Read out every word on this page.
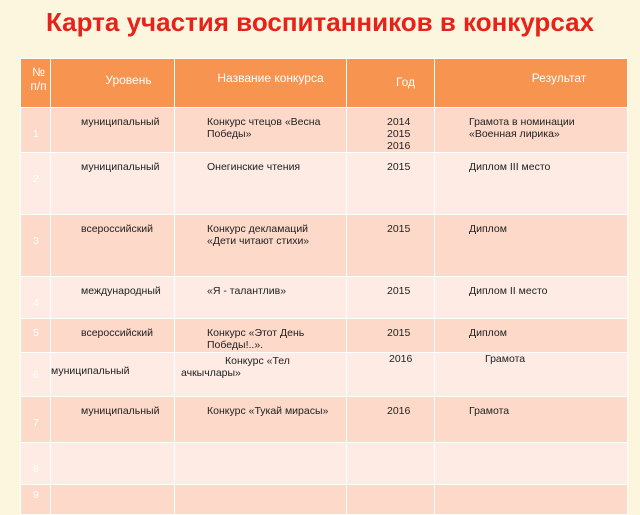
Карта участия воспитанников в конкурсах
№ п/п	Уровень	Название конкурса	Год	Результат

1	муниципальный	Конкурс чтецов «Весна Победы»	2014 2015 2016	Грамота в номинации «Военная лирика»

2	муниципальный	Онегинские чтения	2015	Диплом III место

3	всероссийский	Конкурс декламаций «Дети читают стихи»	2015	Диплом

4	международный	«Я - талантлив»	2015	Диплом II место

5	всероссийский	Конкурс «Этот День Победы!..».	2015	Диплом

6	муниципальный	Конкурс «Тел ачкычлары»	2016	Грамота

7	муниципальный	Конкурс «Тукай мирасы»	2016	Грамота

8				

9				
